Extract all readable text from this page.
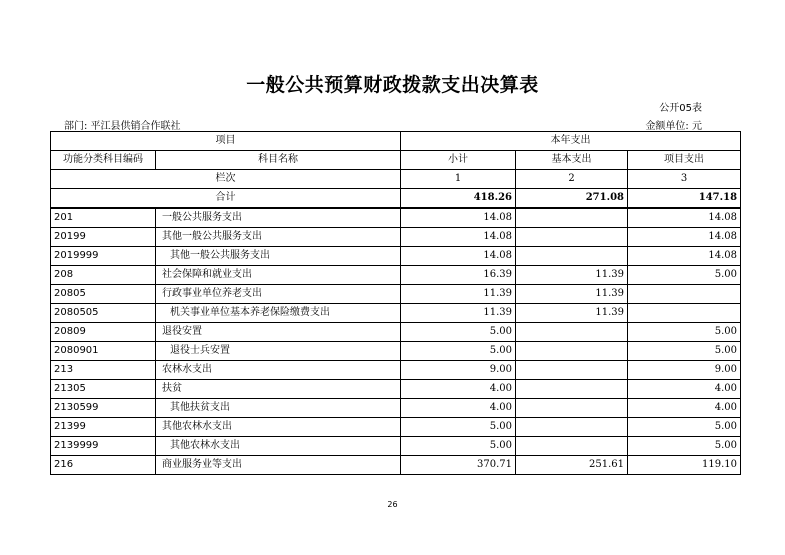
一般公共预算财政拨款支出决算表
公开05表
部门: 平江县供销合作联社	金额单位: 元
项目		本年支出		
功能分类科目编码	科目名称	小计	基本支出	项目支出
栏次		1	2	3
合计		418.26	271.08	147.18
201	一般公共服务支出	14.08		14.08
20199	其他一般公共服务支出	14.08		14.08
2019999	其他一般公共服务支出	14.08		14.08
208	社会保障和就业支出	16.39	11.39	5.00
20805	行政事业单位养老支出	11.39	11.39	
2080505	机关事业单位基本养老保险缴费支出	11.39	11.39	
20809	退役安置	5.00		5.00
2080901	退役士兵安置	5.00		5.00
213	农林水支出	9.00		9.00
21305	扶贫	4.00		4.00
2130599	其他扶贫支出	4.00		4.00
21399	其他农林水支出	5.00		5.00
2139999	其他农林水支出	5.00		5.00
216	商业服务业等支出	370.71	251.61	119.10
26
